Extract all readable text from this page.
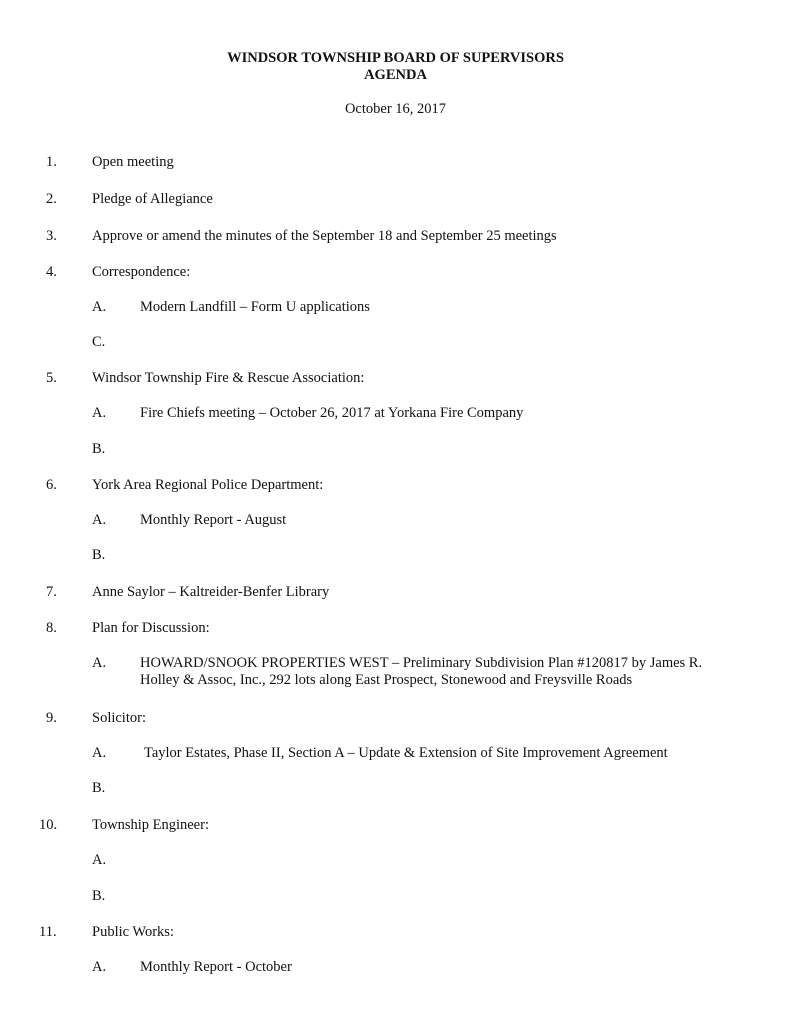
WINDSOR TOWNSHIP BOARD OF SUPERVISORS
AGENDA
October 16, 2017
1. Open meeting
2. Pledge of Allegiance
3. Approve or amend the minutes of the September 18 and September 25 meetings
4. Correspondence:
A. Modern Landfill – Form U applications
C.
5. Windsor Township Fire & Rescue Association:
A. Fire Chiefs meeting – October 26, 2017 at Yorkana Fire Company
B.
6. York Area Regional Police Department:
A. Monthly Report - August
B.
7. Anne Saylor – Kaltreider-Benfer Library
8. Plan for Discussion:
A. HOWARD/SNOOK PROPERTIES WEST – Preliminary Subdivision Plan #120817 by James R. Holley & Assoc, Inc., 292 lots along East Prospect, Stonewood and Freysville Roads
9. Solicitor:
A.	Taylor Estates, Phase II, Section A – Update & Extension of Site Improvement Agreement
B.
10. Township Engineer:
A.
B.
11. Public Works:
A. Monthly Report - October
